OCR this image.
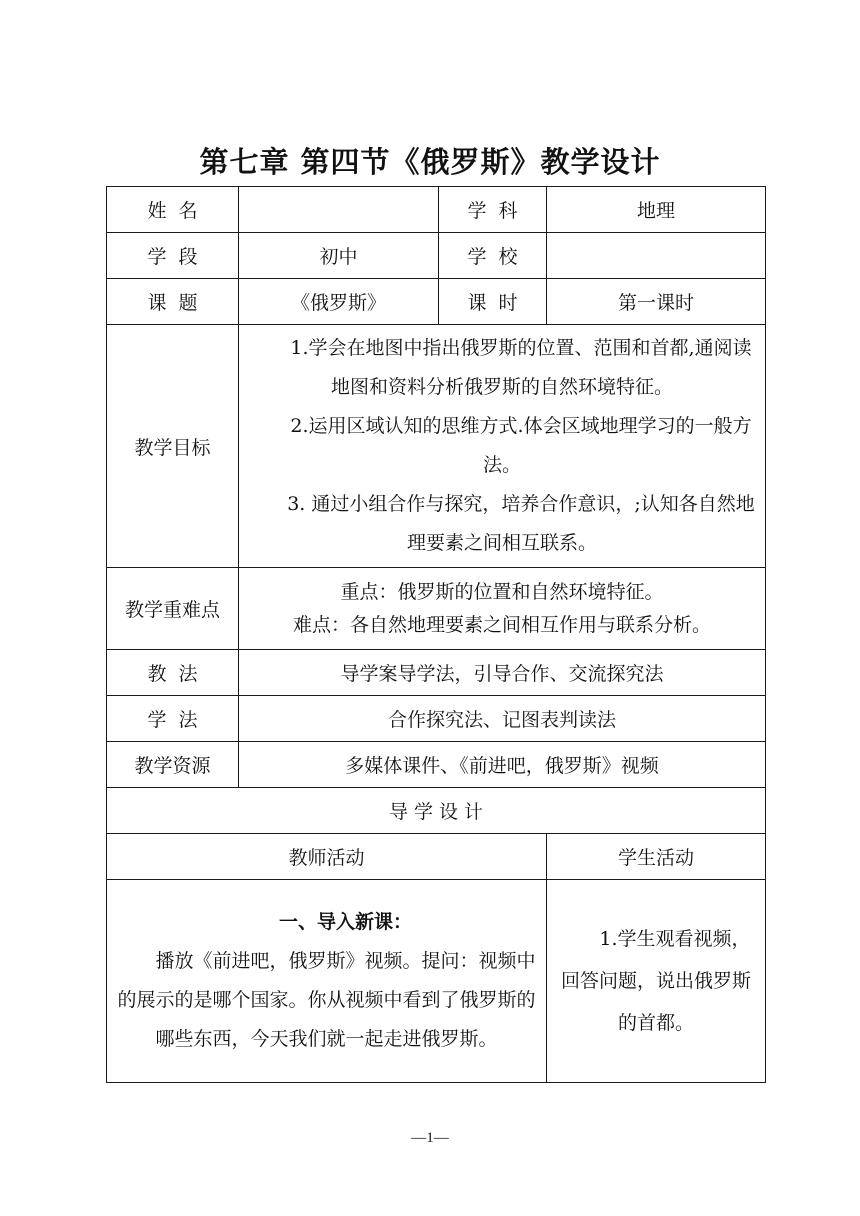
第七章 第四节《俄罗斯》教学设计
姓  名		学  科	地理
学  段	初中	学  校	
课  题	《俄罗斯》	课  时	第一课时
教学目标	1.学会在地图中指出俄罗斯的位置、范围和首都,通阅读地图和资料分析俄罗斯的自然环境特征。

2.运用区域认知的思维方式.体会区域地理学习的一般方法。

3. 通过小组合作与探究，培养合作意识，;认知各自然地理要素之间相互联系。		

教学重难点	重点：俄罗斯的位置和自然环境特征。

难点：各自然地理要素之间相互作用与联系分析。		

教  法	导学案导学法，引导合作、交流探究法		
学  法	合作探究法、记图表判读法		
教学资源	多媒体课件、《前进吧，俄罗斯》视频		
导 学 设 计			
教师活动			学生活动

一、导入新课：

播放《前进吧，俄罗斯》视频。提问：视频中的展示的是哪个国家。你从视频中看到了俄罗斯的哪些东西，今天我们就一起走进俄罗斯。			1.学生观看视频，回答问题，说出俄罗斯的首都。

—1—
